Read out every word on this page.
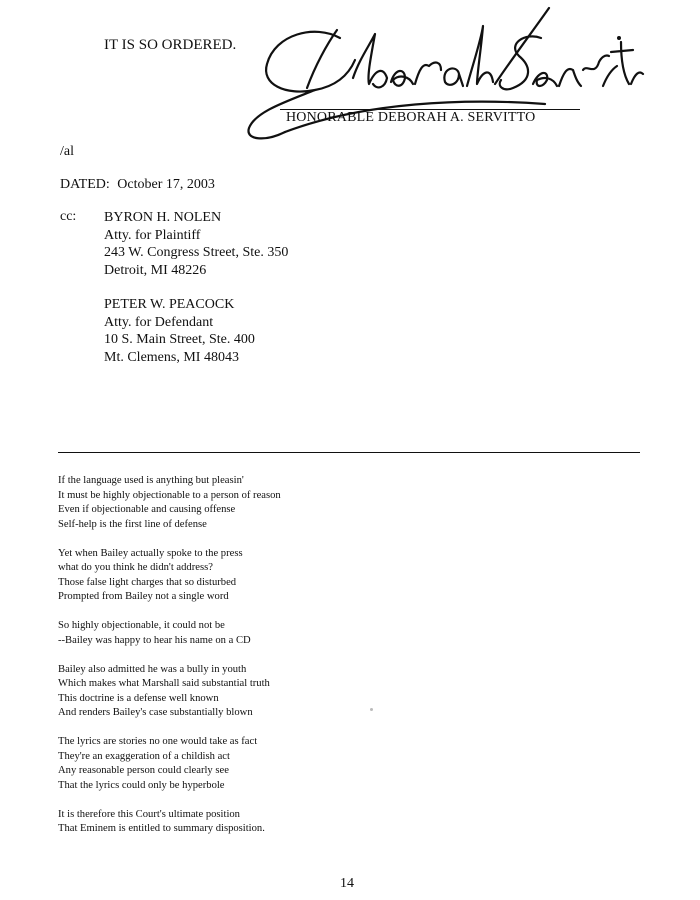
IT IS SO ORDERED.
HONORABLE DEBORAH A. SERVITTO
/al
DATED: October 17, 2003
cc: BYRON H. NOLEN
Atty. for Plaintiff
243 W. Congress Street, Ste. 350
Detroit, MI 48226
PETER W. PEACOCK
Atty. for Defendant
10 S. Main Street, Ste. 400
Mt. Clemens, MI 48043
If the language used is anything but pleasin'
It must be highly objectionable to a person of reason
Even if objectionable and causing offense
Self-help is the first line of defense
Yet when Bailey actually spoke to the press
what do you think he didn't address?
Those false light charges that so disturbed
Prompted from Bailey not a single word
So highly objectionable, it could not be
--Bailey was happy to hear his name on a CD
Bailey also admitted he was a bully in youth
Which makes what Marshall said substantial truth
This doctrine is a defense well known
And renders Bailey's case substantially blown
The lyrics are stories no one would take as fact
They're an exaggeration of a childish act
Any reasonable person could clearly see
That the lyrics could only be hyperbole
It is therefore this Court's ultimate position
That Eminem is entitled to summary disposition.
14
